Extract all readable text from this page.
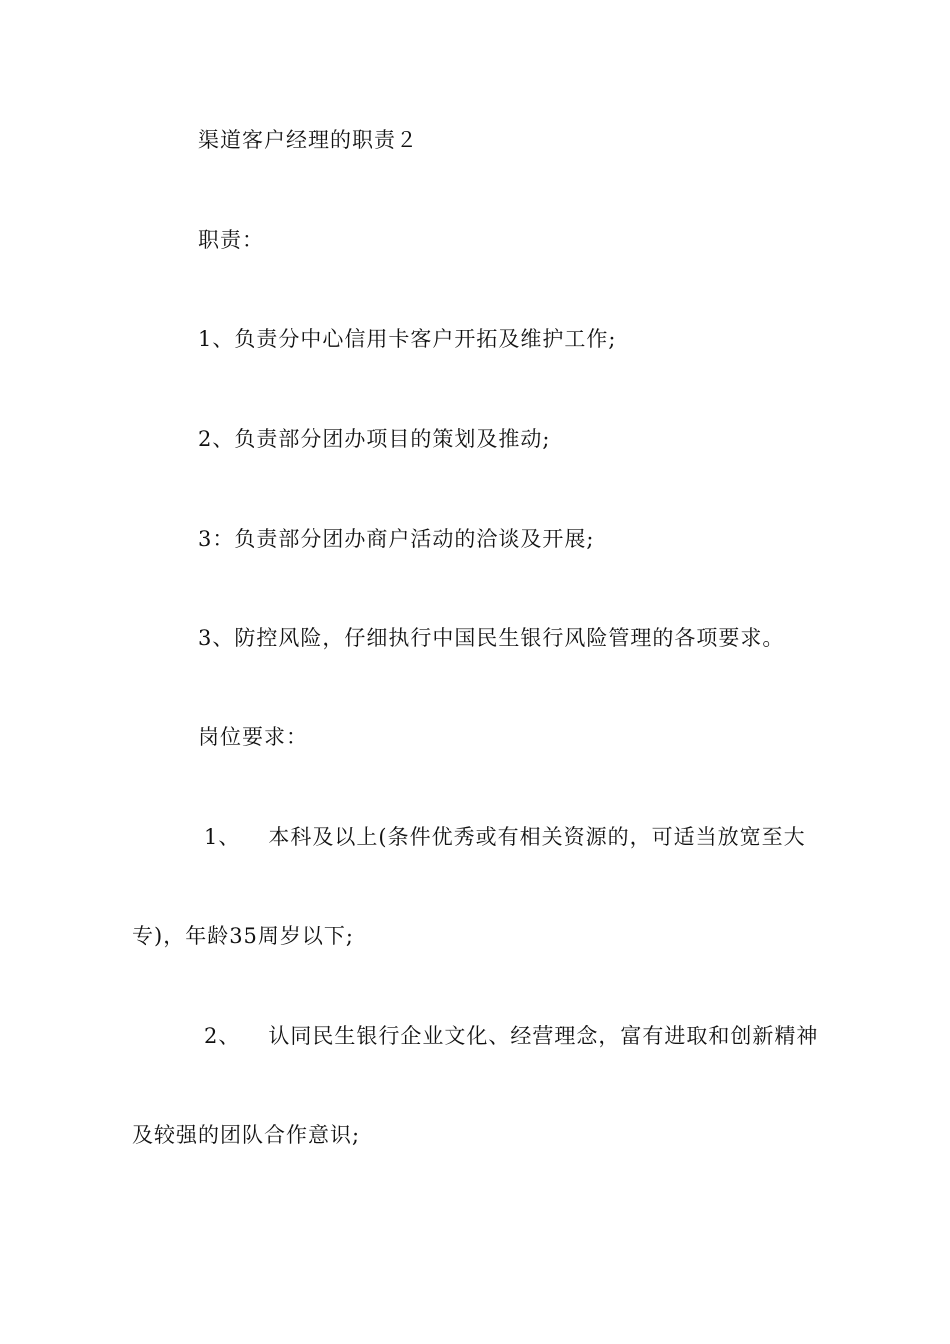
渠道客户经理的职责２
职责：
1、负责分中心信用卡客户开拓及维护工作;
2、负责部分团办项目的策划及推动;
3：负责部分团办商户活动的洽谈及开展;
3、防控风险，仔细执行中国民生银行风险管理的各项要求。
岗位要求：
1、 本科及以上(条件优秀或有相关资源的，可适当放宽至大
专)，年龄35周岁以下;
2、 认同民生银行企业文化、经营理念，富有进取和创新精神
及较强的团队合作意识;
